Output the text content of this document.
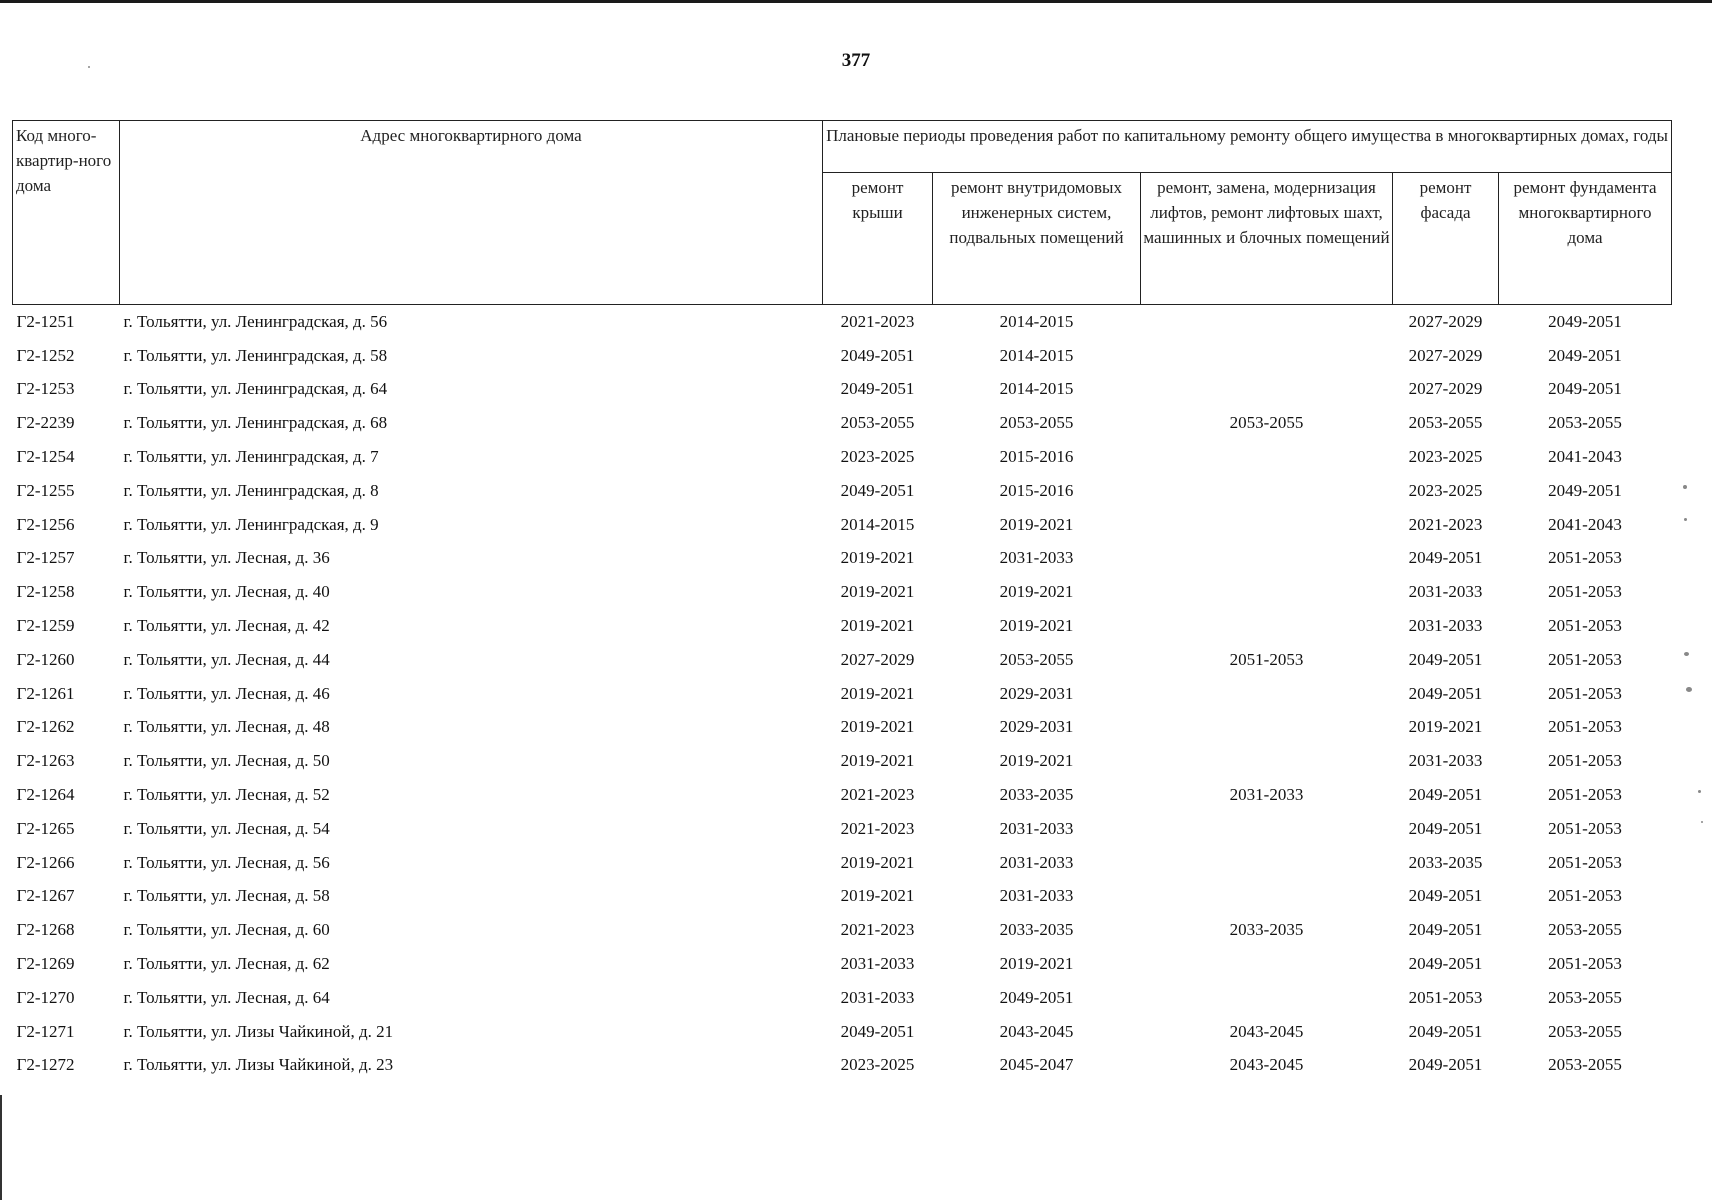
377
Код много-квартир-ного дома	Адрес многоквартирного дома	Плановые периоды проведения работ по капитальному ремонту общего имущества в многоквартирных домах, годы				
		ремонт крыши	ремонт внутридомовых инженерных систем, подвальных помещений	ремонт, замена, модернизация лифтов, ремонт лифтовых шахт, машинных и блочных помещений	ремонт фасада	ремонт фундамента многоквартирного дома
Г2-1251	г. Тольятти, ул. Ленинградская, д. 56	2021-2023	2014-2015		2027-2029	2049-2051
Г2-1252	г. Тольятти, ул. Ленинградская, д. 58	2049-2051	2014-2015		2027-2029	2049-2051
Г2-1253	г. Тольятти, ул. Ленинградская, д. 64	2049-2051	2014-2015		2027-2029	2049-2051
Г2-2239	г. Тольятти, ул. Ленинградская, д. 68	2053-2055	2053-2055	2053-2055	2053-2055	2053-2055
Г2-1254	г. Тольятти, ул. Ленинградская, д. 7	2023-2025	2015-2016		2023-2025	2041-2043
Г2-1255	г. Тольятти, ул. Ленинградская, д. 8	2049-2051	2015-2016		2023-2025	2049-2051
Г2-1256	г. Тольятти, ул. Ленинградская, д. 9	2014-2015	2019-2021		2021-2023	2041-2043
Г2-1257	г. Тольятти, ул. Лесная, д. 36	2019-2021	2031-2033		2049-2051	2051-2053
Г2-1258	г. Тольятти, ул. Лесная, д. 40	2019-2021	2019-2021		2031-2033	2051-2053
Г2-1259	г. Тольятти, ул. Лесная, д. 42	2019-2021	2019-2021		2031-2033	2051-2053
Г2-1260	г. Тольятти, ул. Лесная, д. 44	2027-2029	2053-2055	2051-2053	2049-2051	2051-2053
Г2-1261	г. Тольятти, ул. Лесная, д. 46	2019-2021	2029-2031		2049-2051	2051-2053
Г2-1262	г. Тольятти, ул. Лесная, д. 48	2019-2021	2029-2031		2019-2021	2051-2053
Г2-1263	г. Тольятти, ул. Лесная, д. 50	2019-2021	2019-2021		2031-2033	2051-2053
Г2-1264	г. Тольятти, ул. Лесная, д. 52	2021-2023	2033-2035	2031-2033	2049-2051	2051-2053
Г2-1265	г. Тольятти, ул. Лесная, д. 54	2021-2023	2031-2033		2049-2051	2051-2053
Г2-1266	г. Тольятти, ул. Лесная, д. 56	2019-2021	2031-2033		2033-2035	2051-2053
Г2-1267	г. Тольятти, ул. Лесная, д. 58	2019-2021	2031-2033		2049-2051	2051-2053
Г2-1268	г. Тольятти, ул. Лесная, д. 60	2021-2023	2033-2035	2033-2035	2049-2051	2053-2055
Г2-1269	г. Тольятти, ул. Лесная, д. 62	2031-2033	2019-2021		2049-2051	2051-2053
Г2-1270	г. Тольятти, ул. Лесная, д. 64	2031-2033	2049-2051		2051-2053	2053-2055
Г2-1271	г. Тольятти, ул. Лизы Чайкиной, д. 21	2049-2051	2043-2045	2043-2045	2049-2051	2053-2055
Г2-1272	г. Тольятти, ул. Лизы Чайкиной, д. 23	2023-2025	2045-2047	2043-2045	2049-2051	2053-2055
